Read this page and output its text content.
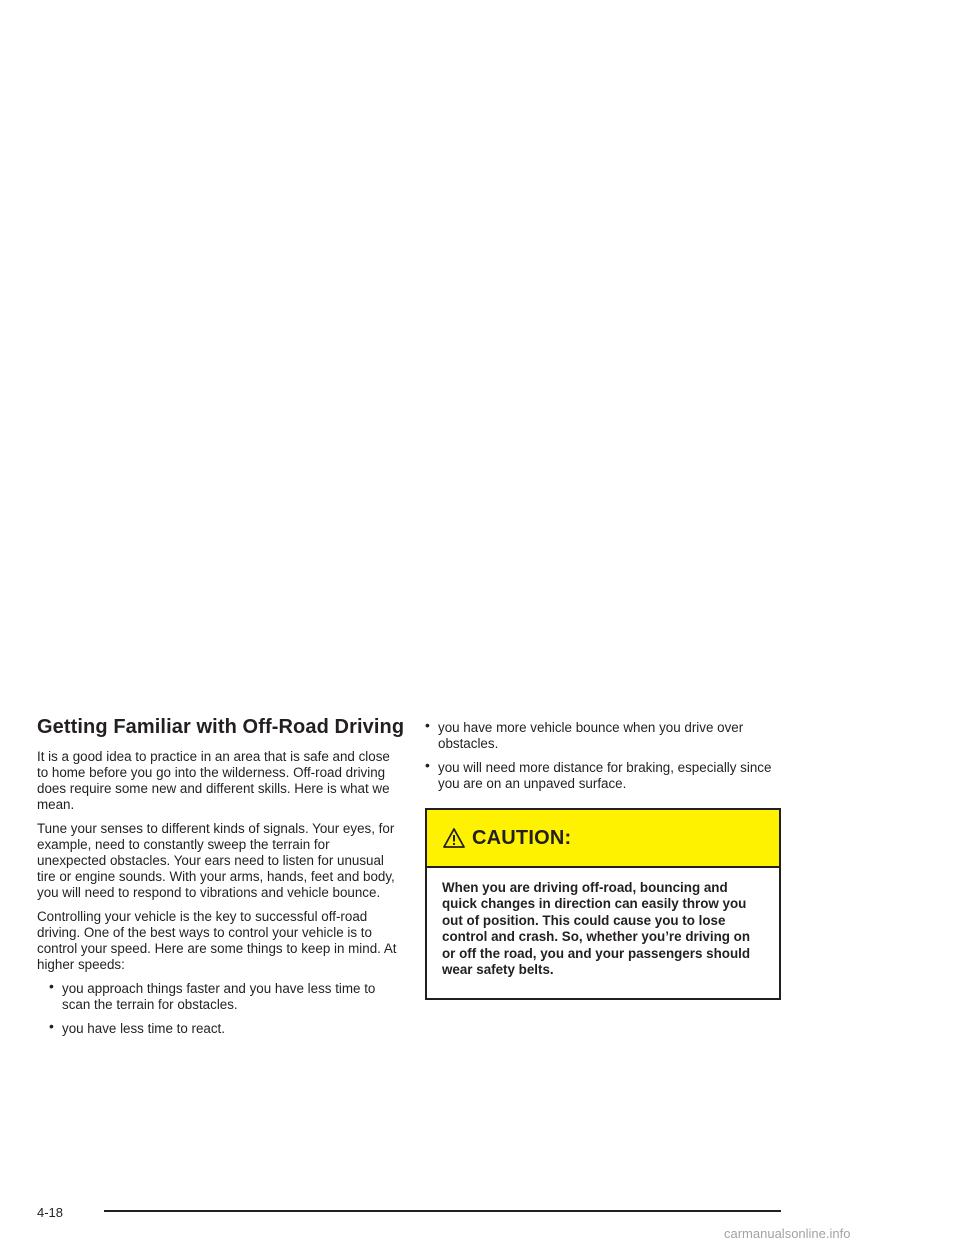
Getting Familiar with Off-Road Driving

It is a good idea to practice in an area that is safe and close to home before you go into the wilderness. Off-road driving does require some new and different skills. Here is what we mean.

Tune your senses to different kinds of signals. Your eyes, for example, need to constantly sweep the terrain for unexpected obstacles. Your ears need to listen for unusual tire or engine sounds. With your arms, hands, feet and body, you will need to respond to vibrations and vehicle bounce.

Controlling your vehicle is the key to successful off-road driving. One of the best ways to control your vehicle is to control your speed. Here are some things to keep in mind. At higher speeds:

• you approach things faster and you have less time to scan the terrain for obstacles.
• you have less time to react.
• you have more vehicle bounce when you drive over obstacles.
• you will need more distance for braking, especially since you are on an unpaved surface.
CAUTION:
When you are driving off-road, bouncing and quick changes in direction can easily throw you out of position. This could cause you to lose control and crash. So, whether you’re driving on or off the road, you and your passengers should wear safety belts.
4-18
carmanualsonline.info
